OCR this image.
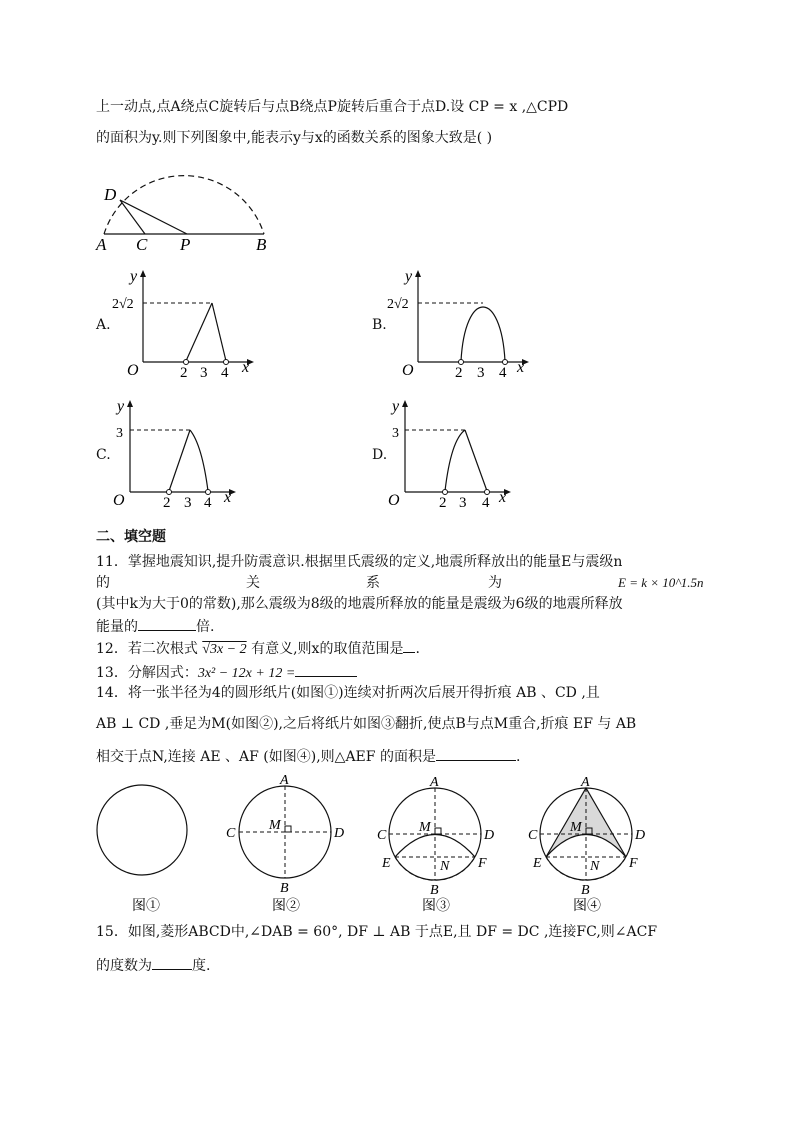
上一动点,点A绕点C旋转后与点B绕点P旋转后重合于点D.设 CP = x ,△CPD
的面积为y.则下列图象中,能表示y与x的函数关系的图象大致是( )
D
A C P	B
A.
y
x
O
2√2
2 3 4
B.
y
x
O
2√2
2 3 4
C.
y
x
O
3
2 3 4
D.
y
x
O
3
2 3 4
二、填空题
11．掌握地震知识,提升防震意识.根据里氏震级的定义,地震所释放出的能量E与震级n
的	关	系	为	E = k × 10^1.5n
(其中k为大于0的常数),那么震级为8级的地震所释放的能量是震级为6级的地震所释放
能量的	倍.
12．若二次根式 √3x − 2 有意义,则x的取值范围是 .
13．分解因式：3x² − 12x + 12 =
14．将一张半径为4的圆形纸片(如图①)连续对折两次后展开得折痕 AB 、CD ,且
AB ⊥ CD ,垂足为M(如图②),之后将纸片如图③翻折,使点B与点M重合,折痕 EF 与 AB
相交于点N,连接 AE 、AF (如图④),则△AEF 的面积是	.
图①
A
B
C	D
M
图②
A
B
C	D
M
E	F
N
图③
A
B
C	D
M
E	F
N
图④
15．如图,菱形ABCD中,∠DAB = 60°, DF ⊥ AB 于点E,且 DF = DC ,连接FC,则∠ACF
的度数为	度.
